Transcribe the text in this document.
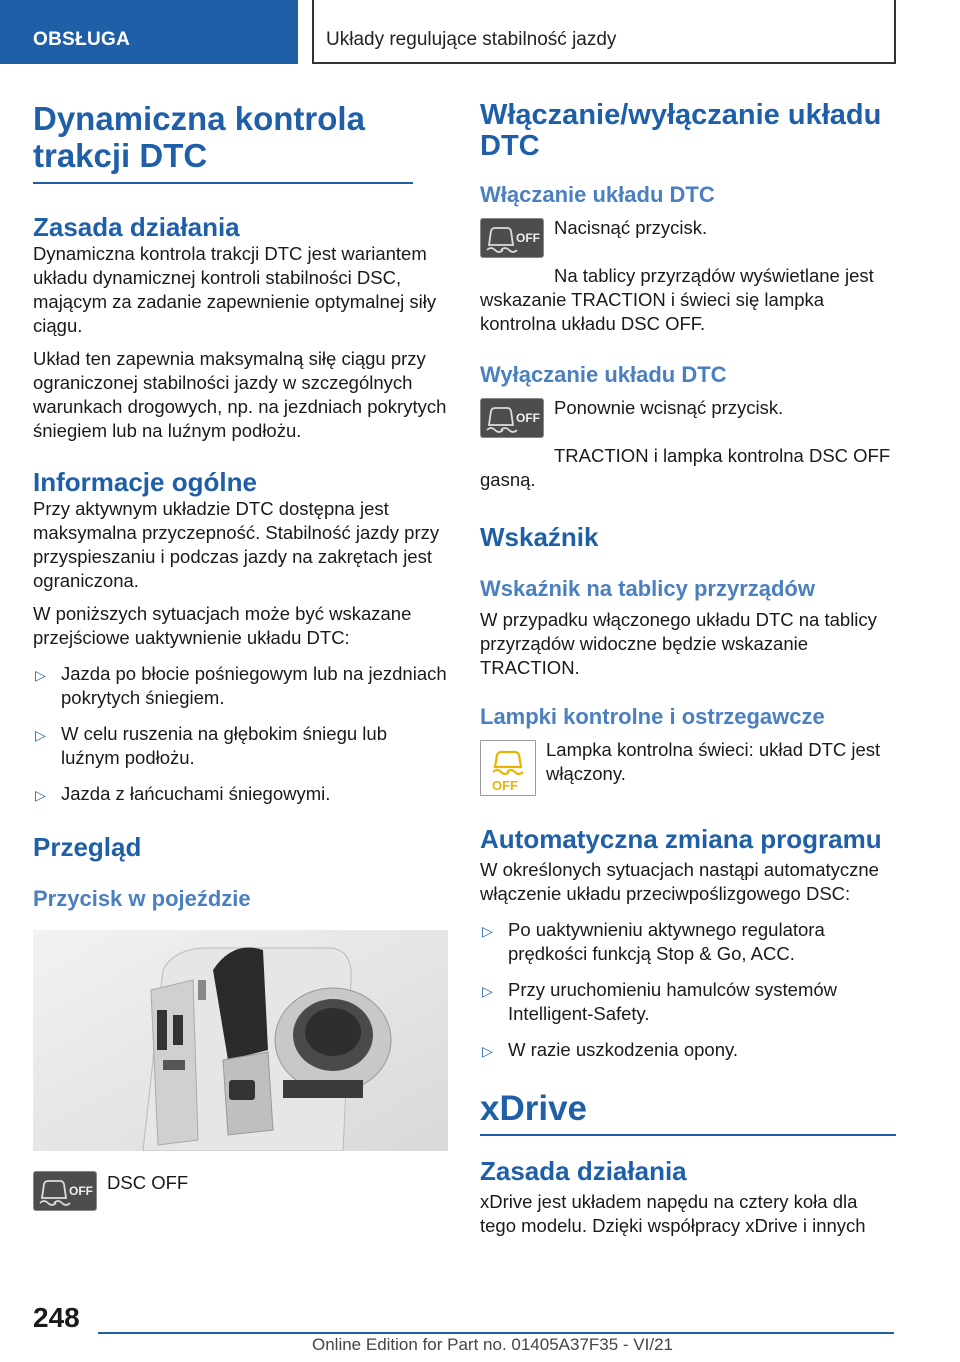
OBSŁUGA	Układy regulujące stabilność jazdy
Dynamiczna kontrola trakcji DTC
Zasada działania

Dynamiczna kontrola trakcji DTC jest wariantem układu dynamicznej kontroli stabilności DSC, mającym za zadanie zapewnienie optymalnej siły ciągu.

Układ ten zapewnia maksymalną siłę ciągu przy ograniczonej stabilności jazdy w szczególnych warunkach drogowych, np. na jezdniach pokrytych śniegiem lub na luźnym podłożu.

Informacje ogólne

Przy aktywnym układzie DTC dostępna jest maksymalna przyczepność. Stabilność jazdy przy przyspieszaniu i podczas jazdy na zakrętach jest ograniczona.

W poniższych sytuacjach może być wskazane przejściowe uaktywnienie układu DTC:

▷ Jazda po błocie pośniegowym lub na jezdniach pokrytych śniegiem.
▷ W celu ruszenia na głębokim śniegu lub luźnym podłożu.
▷ Jazda z łańcuchami śniegowymi.
Przegląd
Przycisk w pojeździe
OFF DSC OFF

Włączanie/wyłączanie układu DTC
Włączanie układu DTC
OFF Nacisnąć przycisk.

Na tablicy przyrządów wyświetlane jest wskazanie TRACTION i świeci się lampka kontrolna układu DSC OFF.

Wyłączanie układu DTC
OFF Ponownie wcisnąć przycisk.

TRACTION i lampka kontrolna DSC OFF gasną.

Wskaźnik
Wskaźnik na tablicy przyrządów

W przypadku włączonego układu DTC na tablicy przyrządów widoczne będzie wskazanie TRACTION.

Lampki kontrolne i ostrzegawcze
OFF

Lampka kontrolna świeci: układ DTC jest włączony.

Automatyczna zmiana programu

W określonych sytuacjach nastąpi automatyczne włączenie układu przeciwpoślizgowego DSC:

▷ Po uaktywnieniu aktywnego regulatora prędkości funkcją Stop & Go, ACC.
▷ Przy uruchomieniu hamulców systemów Intelligent-Safety.
▷ W razie uszkodzenia opony.
xDrive
Zasada działania

xDrive jest układem napędu na cztery koła dla tego modelu. Dzięki współpracy xDrive i innych

248
Online Edition for Part no. 01405A37F35 - VI/21
